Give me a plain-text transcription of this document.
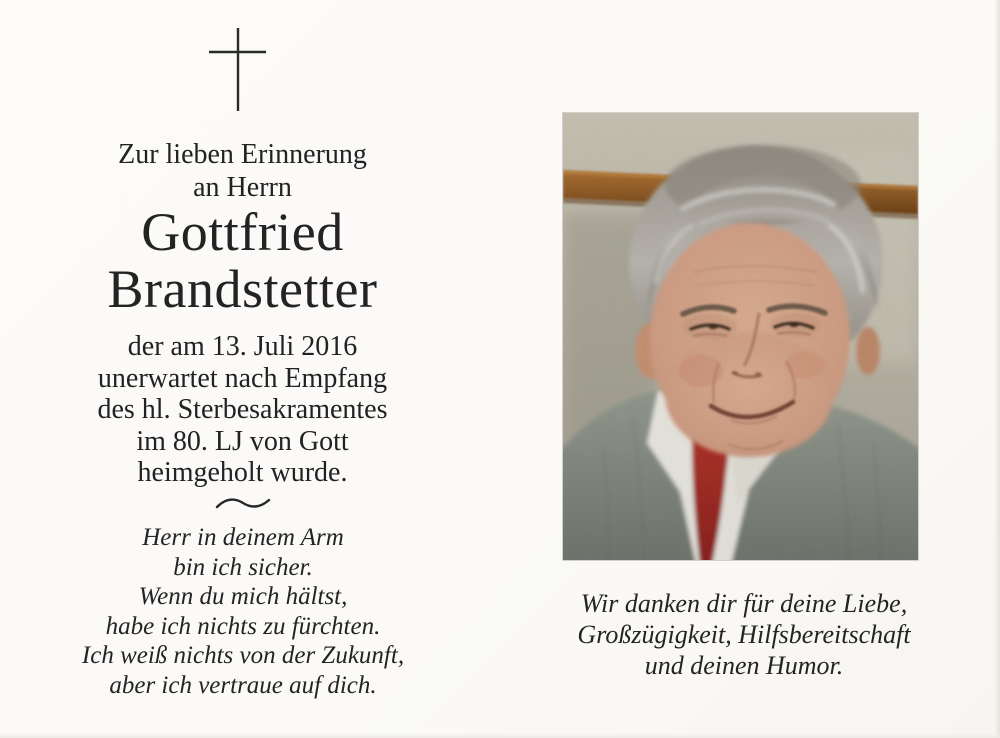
Zur lieben Erinnerung
an Herrn
Gottfried
Brandstetter
der am 13. Juli 2016
unerwartet nach Empfang
des hl. Sterbesakramentes
im 80. LJ von Gott
heimgeholt wurde.
Herr in deinem Arm
bin ich sicher.
Wenn du mich hältst,
habe ich nichts zu fürchten.
Ich weiß nichts von der Zukunft,
aber ich vertraue auf dich.
Wir danken dir für deine Liebe,
Großzügigkeit, Hilfsbereitschaft
und deinen Humor.
